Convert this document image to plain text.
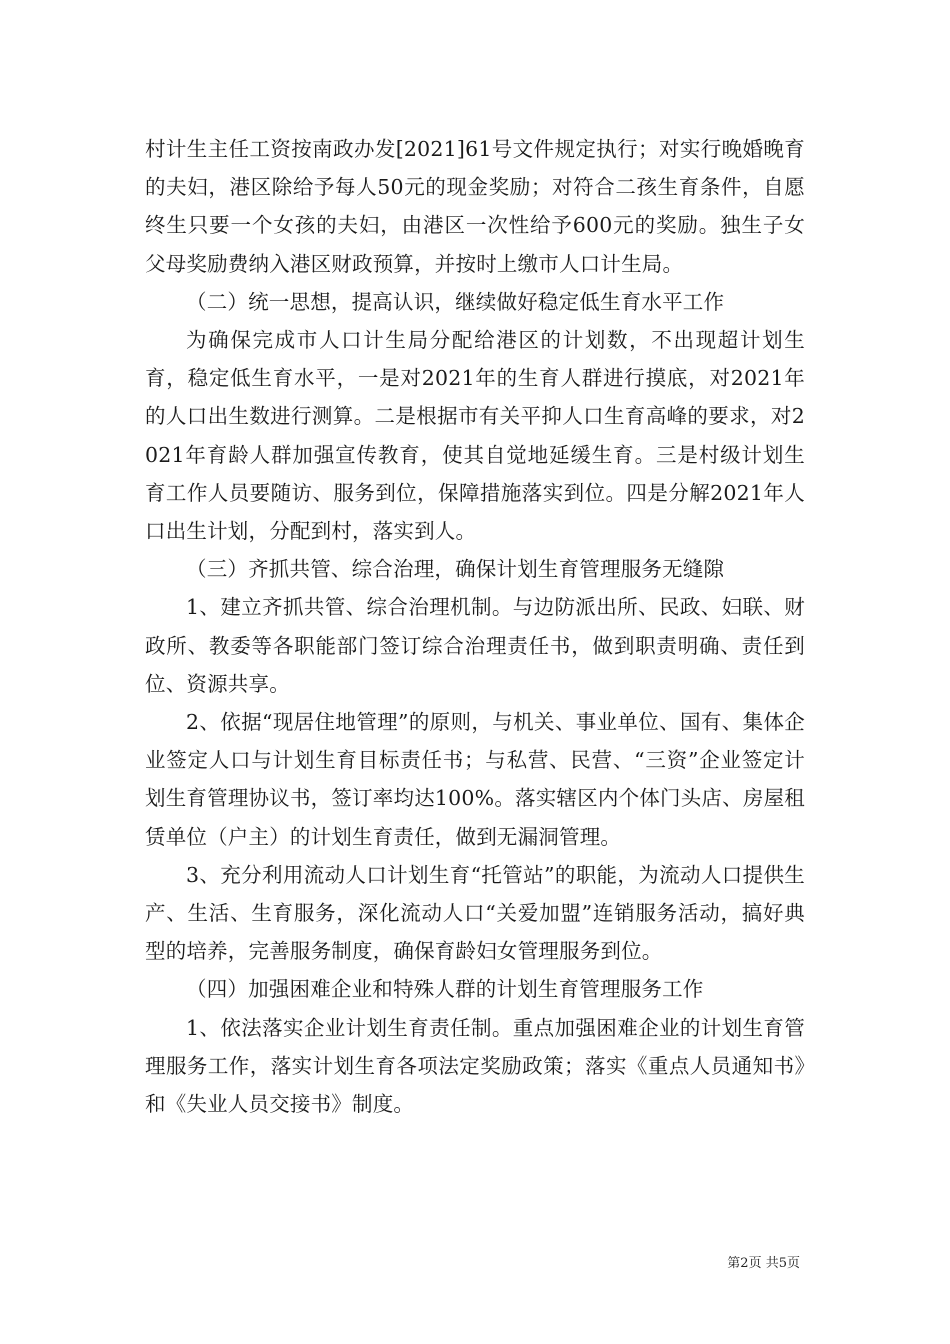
村计生主任工资按南政办发[2021]61号文件规定执行；对实行晚婚晚育的夫妇，港区除给予每人50元的现金奖励；对符合二孩生育条件，自愿终生只要一个女孩的夫妇，由港区一次性给予600元的奖励。独生子女父母奖励费纳入港区财政预算，并按时上缴市人口计生局。

（二）统一思想，提高认识，继续做好稳定低生育水平工作

为确保完成市人口计生局分配给港区的计划数，不出现超计划生育，稳定低生育水平，一是对2021年的生育人群进行摸底，对2021年的人口出生数进行测算。二是根据市有关平抑人口生育高峰的要求，对2021年育龄人群加强宣传教育，使其自觉地延缓生育。三是村级计划生育工作人员要随访、服务到位，保障措施落实到位。四是分解2021年人口出生计划，分配到村，落实到人。

（三）齐抓共管、综合治理，确保计划生育管理服务无缝隙

1、建立齐抓共管、综合治理机制。与边防派出所、民政、妇联、财政所、教委等各职能部门签订综合治理责任书，做到职责明确、责任到位、资源共享。

2、依据“现居住地管理”的原则，与机关、事业单位、国有、集体企业签定人口与计划生育目标责任书；与私营、民营、“三资”企业签定计划生育管理协议书，签订率均达100%。落实辖区内个体门头店、房屋租赁单位（户主）的计划生育责任，做到无漏洞管理。

3、充分利用流动人口计划生育“托管站”的职能，为流动人口提供生产、生活、生育服务，深化流动人口“关爱加盟”连销服务活动，搞好典型的培养，完善服务制度，确保育龄妇女管理服务到位。

（四）加强困难企业和特殊人群的计划生育管理服务工作

1、依法落实企业计划生育责任制。重点加强困难企业的计划生育管理服务工作，落实计划生育各项法定奖励政策；落实《重点人员通知书》和《失业人员交接书》制度。

第2页 共5页
